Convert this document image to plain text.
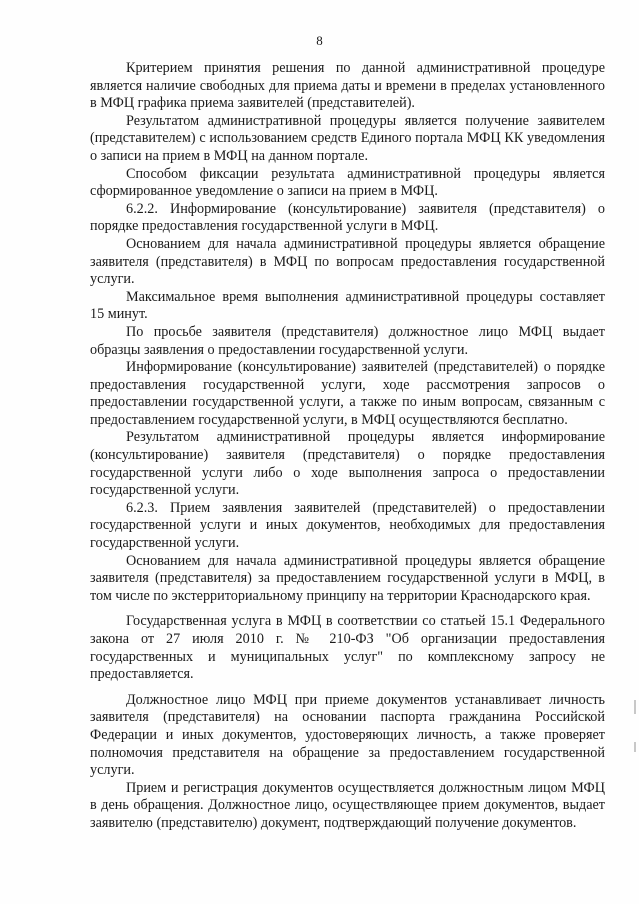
8

Критерием принятия решения по данной административной процедуре является наличие свободных для приема даты и времени в пределах установленного в МФЦ графика приема заявителей (представителей).

Результатом административной процедуры является получение заявителем (представителем) с использованием средств Единого портала МФЦ КК уведомления о записи на прием в МФЦ на данном портале.

Способом фиксации результата административной процедуры является сформированное уведомление о записи на прием в МФЦ.

6.2.2. Информирование (консультирование) заявителя (представителя) о порядке предоставления государственной услуги в МФЦ.

Основанием для начала административной процедуры является обращение заявителя (представителя) в МФЦ по вопросам предоставления государственной услуги.

Максимальное время выполнения административной процедуры составляет 15 минут.

По просьбе заявителя (представителя) должностное лицо МФЦ выдает образцы заявления о предоставлении государственной услуги.

Информирование (консультирование) заявителей (представителей) о порядке предоставления государственной услуги, ходе рассмотрения запросов о предоставлении государственной услуги, а также по иным вопросам, связанным с предоставлением государственной услуги, в МФЦ осуществляются бесплатно.

Результатом административной процедуры является информирование (консультирование) заявителя (представителя) о порядке предоставления государственной услуги либо о ходе выполнения запроса о предоставлении государственной услуги.

6.2.3. Прием заявления заявителей (представителей) о предоставлении государственной услуги и иных документов, необходимых для предоставления государственной услуги.

Основанием для начала административной процедуры является обращение заявителя (представителя) за предоставлением государственной услуги в МФЦ, в том числе по экстерриториальному принципу на территории Краснодарского края.

Государственная услуга в МФЦ в соответствии со статьей 15.1 Федерального закона от 27 июля 2010 г. № 210-ФЗ "Об организации предоставления государственных и муниципальных услуг" по комплексному запросу не предоставляется.

Должностное лицо МФЦ при приеме документов устанавливает личность заявителя (представителя) на основании паспорта гражданина Российской Федерации и иных документов, удостоверяющих личность, а также проверяет полномочия представителя на обращение за предоставлением государственной услуги.

Прием и регистрация документов осуществляется должностным лицом МФЦ в день обращения. Должностное лицо, осуществляющее прием документов, выдает заявителю (представителю) документ, подтверждающий получение документов.
